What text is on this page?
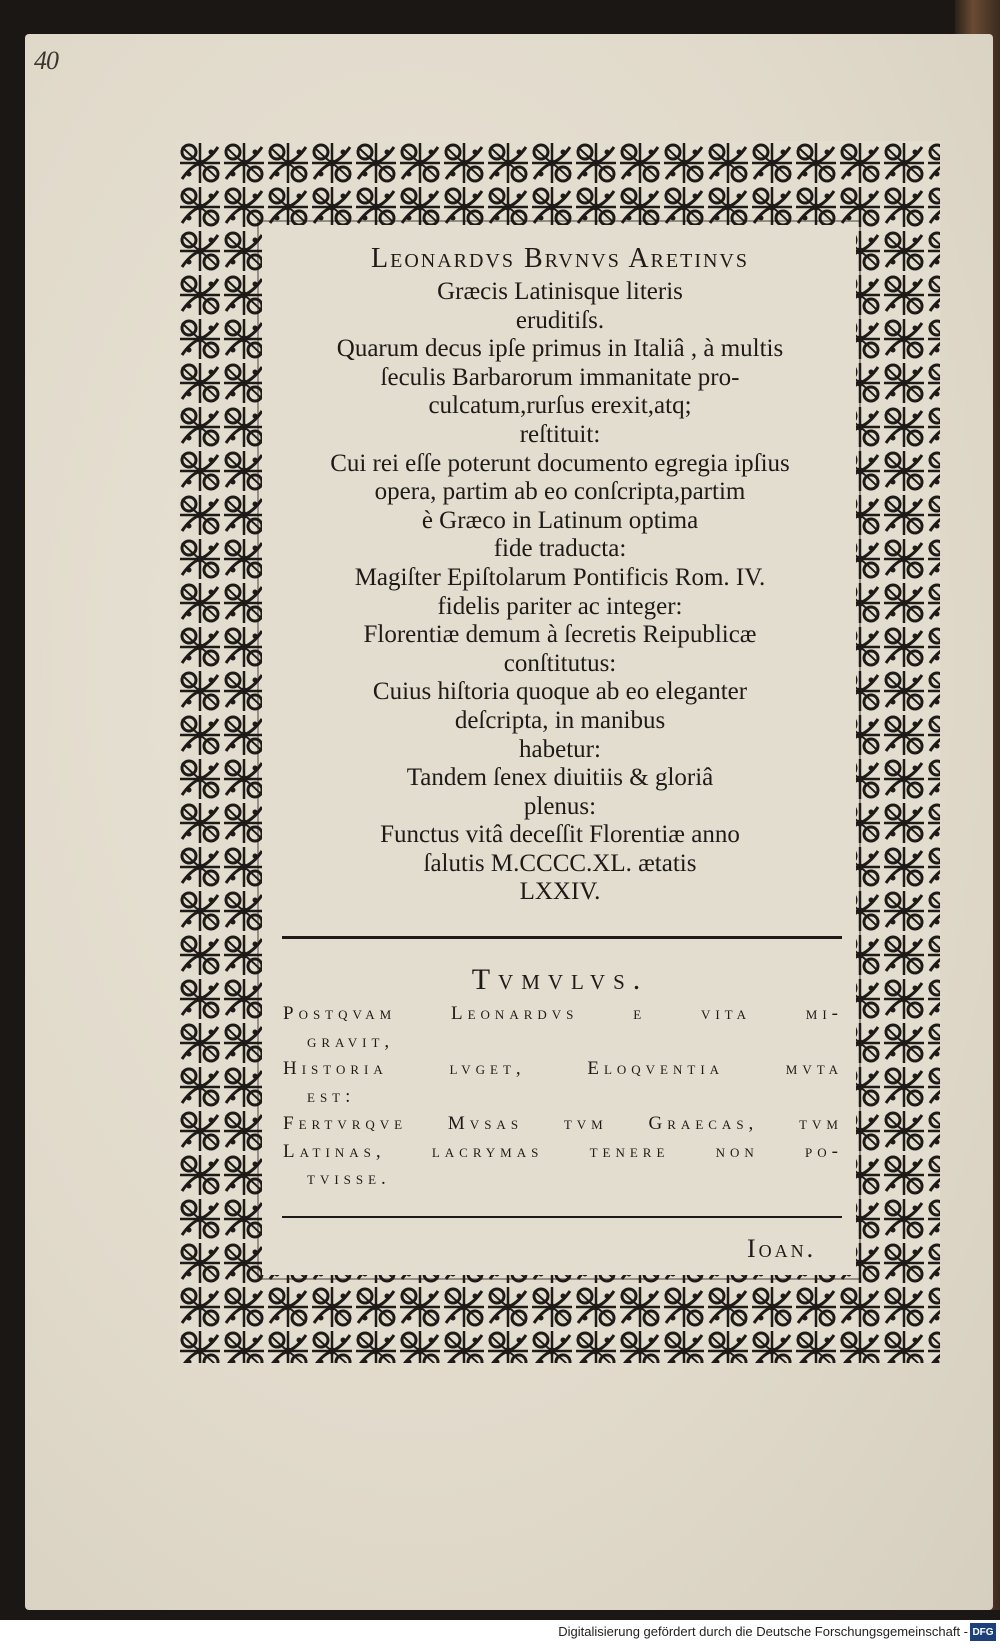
40
Leonardvs Brvnvs Aretinvs
Græcis Latinisque literis
eruditiſs.
Quarum decus ipſe primus in Italiâ , à multis
ſeculis Barbarorum immanitate pro-
culcatum,rurſus erexit,atq;
reſtituit:
Cui rei eſſe poterunt documento egregia ipſius
opera, partim ab eo conſcripta,partim
è Græco in Latinum optima
fide traducta:
Magiſter Epiſtolarum Pontificis Rom. IV.
fidelis pariter ac integer:
Florentiæ demum à ſecretis Reipublicæ
conſtitutus:
Cuius hiſtoria quoque ab eo eleganter
deſcripta, in manibus
habetur:
Tandem ſenex diuitiis & gloriâ
plenus:
Functus vitâ deceſſit Florentiæ anno
ſalutis M.CCCC.XL. ætatis
LXXIV.
Tvmvlvs.
Postqvam Leonardvs e vita mi-
gravit,
Historia lvget, Eloqventia mvta
est:
Fertvrqve Mvsas tvm Graecas, tvm
Latinas, lacrymas tenere non po-
tvisse.
Ioan.
Digitalisierung gefördert durch die Deutsche Forschungsgemeinschaft - DFG
